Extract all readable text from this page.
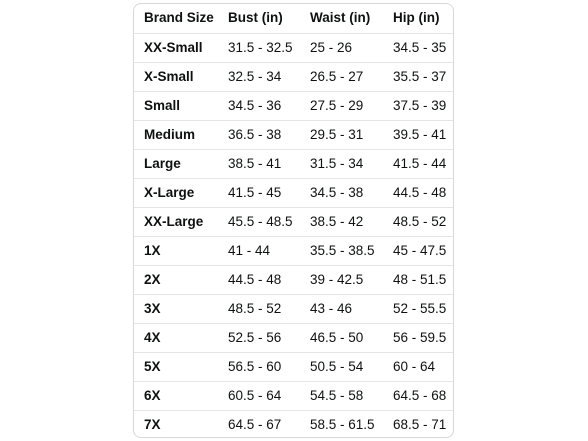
Brand Size Bust (in) Waist (in) Hip (in)
XX-Small 31.5 - 32.5 25 - 26	34.5 - 35
X-Small	32.5 - 34 26.5 - 27 35.5 - 37
Small	34.5 - 36 27.5 - 29 37.5 - 39
Medium 36.5 - 38 29.5 - 31 39.5 - 41
Large	38.5 - 41 31.5 - 34 41.5 - 44
X-Large 41.5 - 45 34.5 - 38 44.5 - 48
XX-Large 45.5 - 48.5 38.5 - 42 48.5 - 52
1X	41 - 44	35.5 - 38.5 45 - 47.5
2X	44.5 - 48 39 - 42.5 48 - 51.5
3X	48.5 - 52 43 - 46	52 - 55.5
4X	52.5 - 56 46.5 - 50 56 - 59.5
5X	56.5 - 60 50.5 - 54 60 - 64
6X	60.5 - 64 54.5 - 58 64.5 - 68
7X	64.5 - 67 58.5 - 61.5 68.5 - 71
